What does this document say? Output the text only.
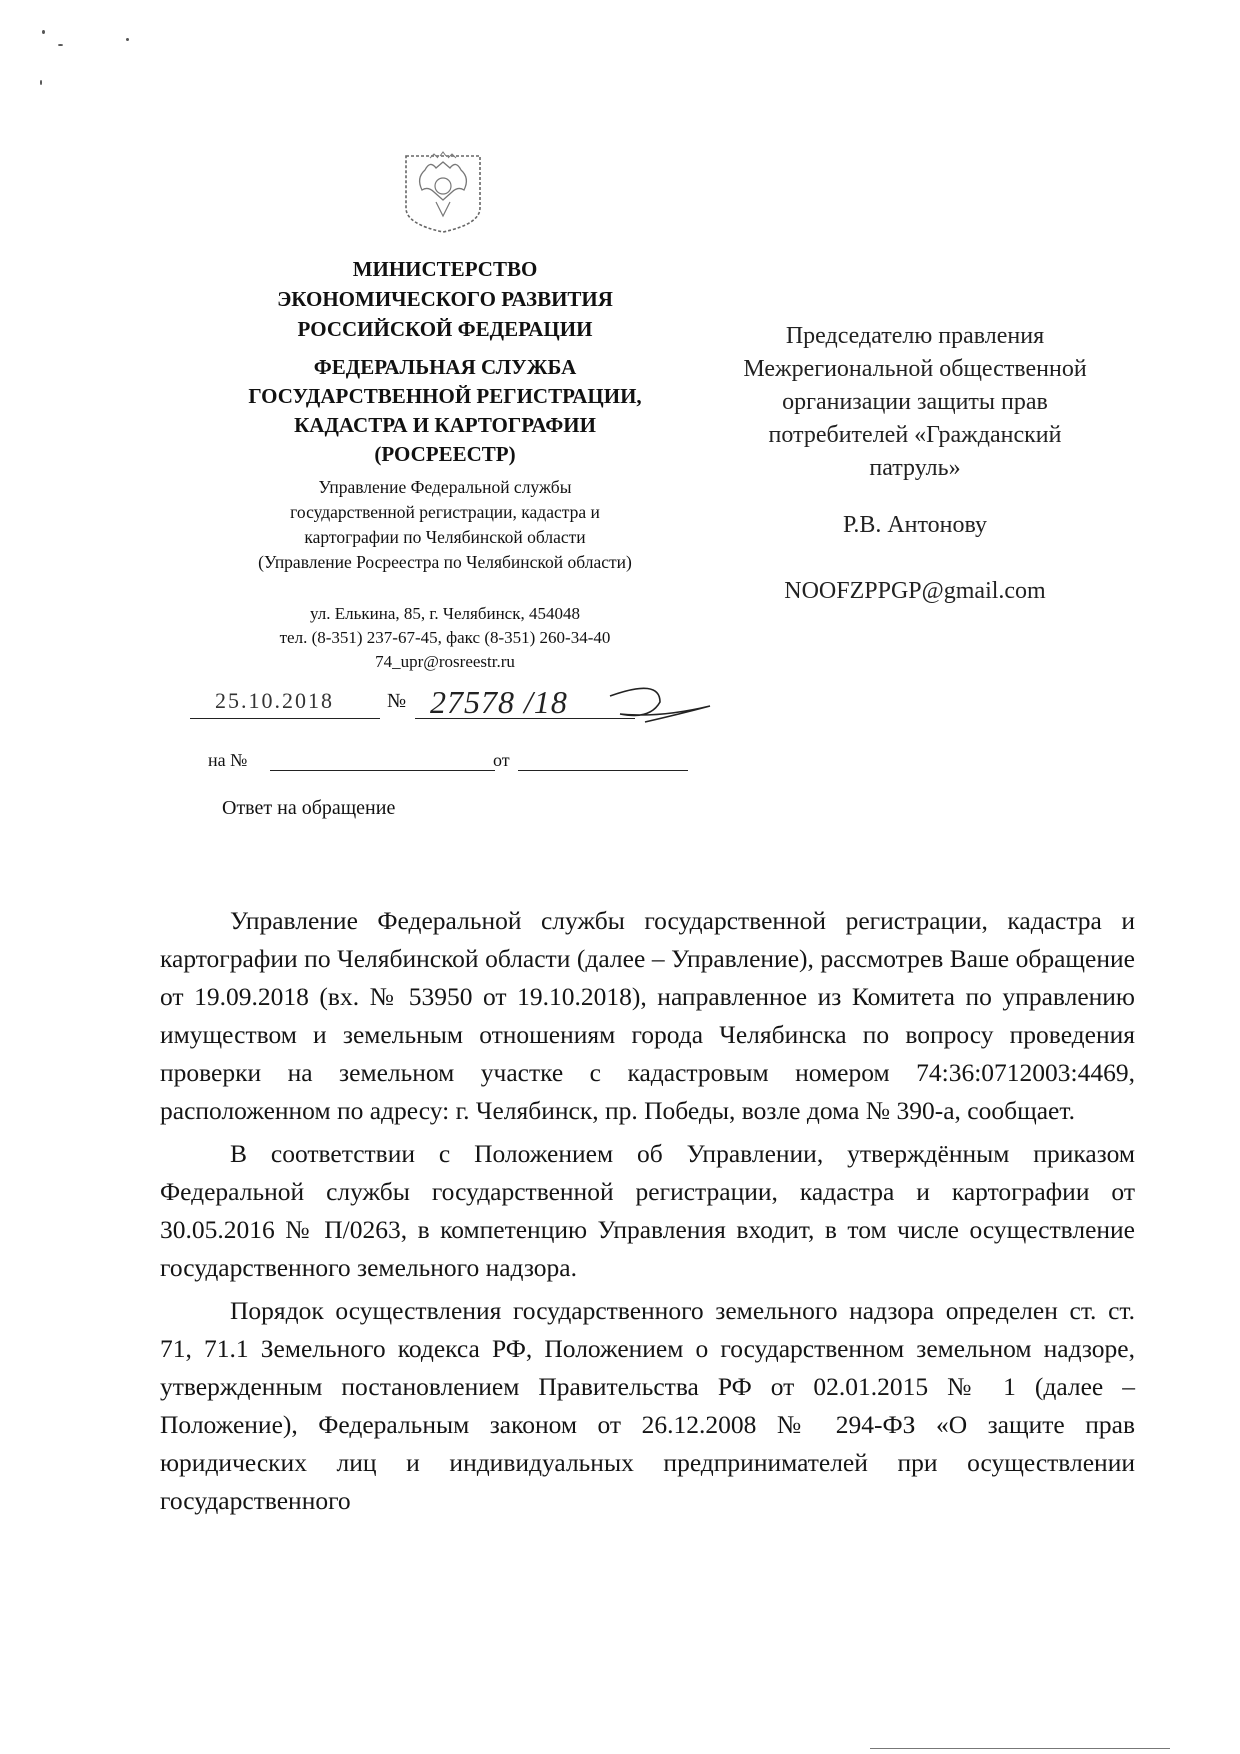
МИНИСТЕРСТВО
ЭКОНОМИЧЕСКОГО РАЗВИТИЯ
РОССИЙСКОЙ ФЕДЕРАЦИИ
ФЕДЕРАЛЬНАЯ СЛУЖБА
ГОСУДАРСТВЕННОЙ РЕГИСТРАЦИИ,
КАДАСТРА И КАРТОГРАФИИ
(РОСРЕЕСТР)
Управление Федеральной службы
государственной регистрации, кадастра и
картографии по Челябинской области
(Управление Росреестра по Челябинской области)
ул. Елькина, 85, г. Челябинск, 454048
тел. (8-351) 237-67-45, факс (8-351) 260-34-40
74_upr@rosreestr.ru
25.10.2018	№ 27578 /18
на №	от
Ответ на обращение
Председателю правления
Межрегиональной общественной
организации защиты прав
потребителей «Гражданский
патруль»
Р.В. Антонову
NOOFZPPGP@gmail.com

Управление Федеральной службы государственной регистрации, кадастра и картографии по Челябинской области (далее – Управление), рассмотрев Ваше обращение от 19.09.2018 (вх. № 53950 от 19.10.2018), направленное из Комитета по управлению имуществом и земельным отношениям города Челябинска по вопросу проведения проверки на земельном участке с кадастровым номером 74:36:0712003:4469, расположенном по адресу: г. Челябинск, пр. Победы, возле дома № 390-а, сообщает.

В соответствии с Положением об Управлении, утверждённым приказом Федеральной службы государственной регистрации, кадастра и картографии от 30.05.2016 № П/0263, в компетенцию Управления входит, в том числе осуществление государственного земельного надзора.

Порядок осуществления государственного земельного надзора определен ст. ст. 71, 71.1 Земельного кодекса РФ, Положением о государственном земельном надзоре, утвержденным постановлением Правительства РФ от 02.01.2015 № 1 (далее – Положение), Федеральным законом от 26.12.2008 № 294-ФЗ «О защите прав юридических лиц и индивидуальных предпринимателей при осуществлении государственного
